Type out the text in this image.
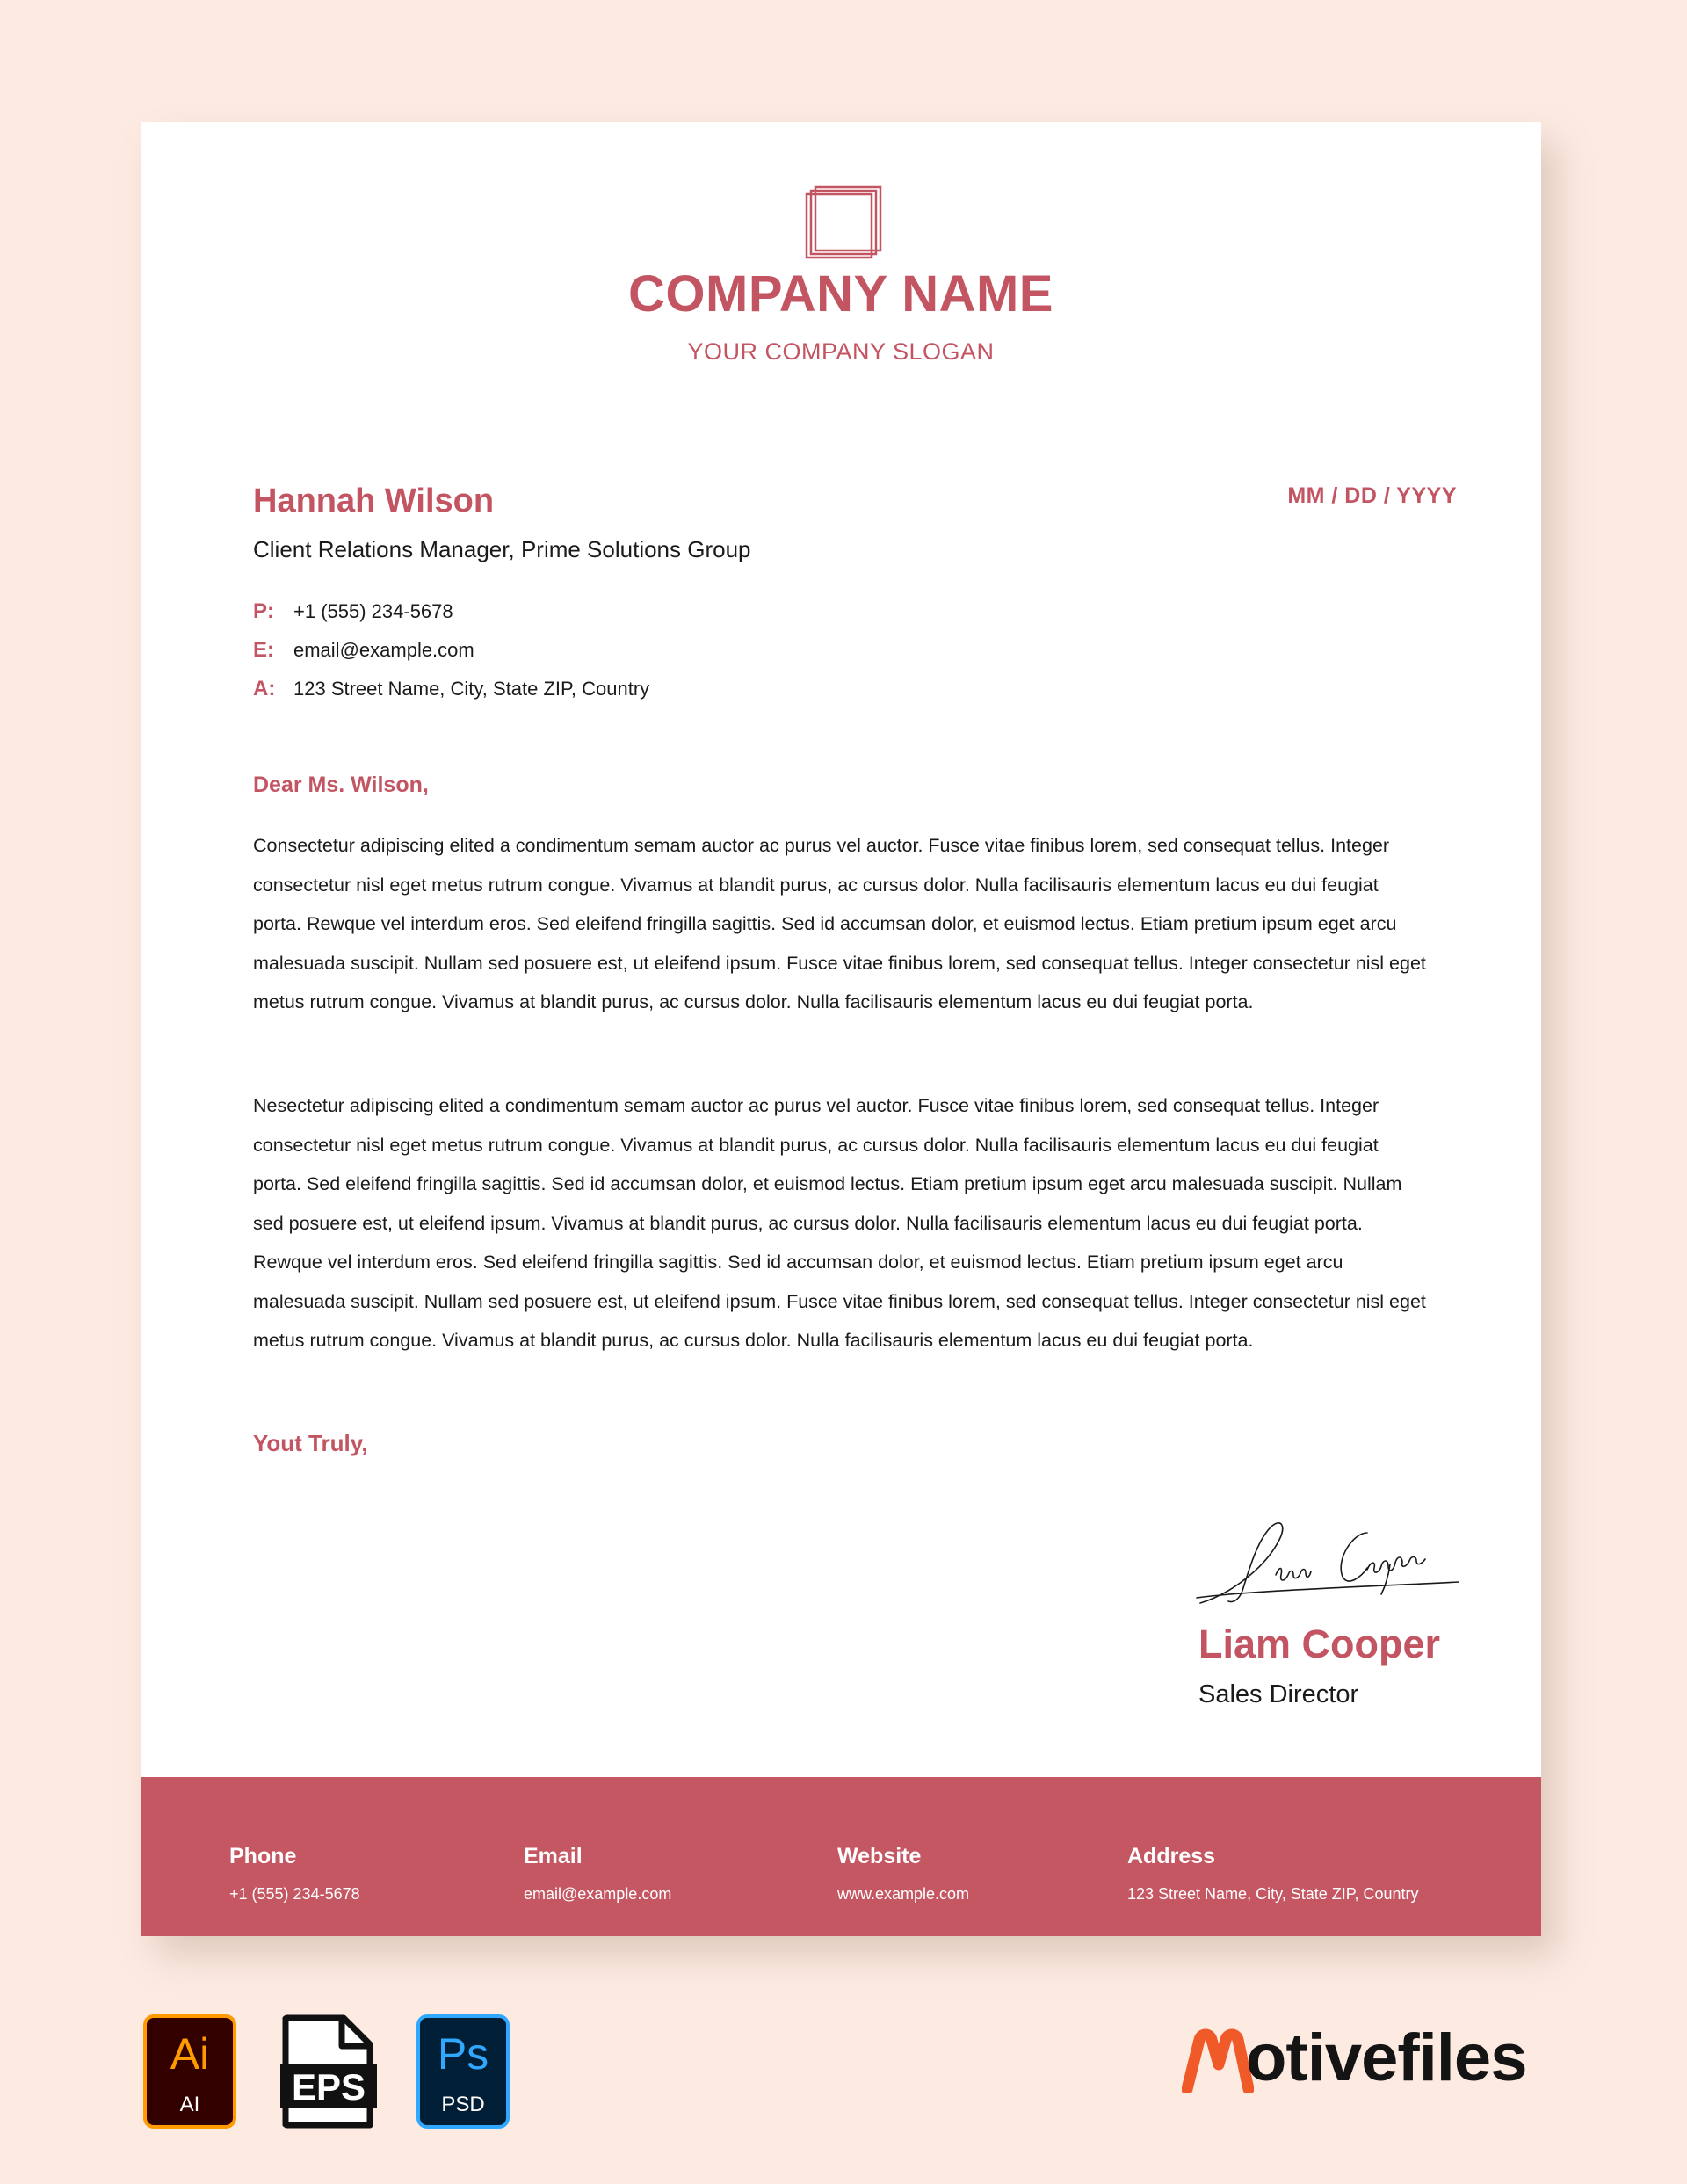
COMPANY NAME
YOUR COMPANY SLOGAN
Hannah Wilson
Client Relations Manager, Prime Solutions Group
MM / DD / YYYY
P: +1 (555) 234-5678
E: email@example.com
A: 123 Street Name, City, State ZIP, Country
Dear Ms. Wilson,

Consectetur adipiscing elited a condimentum semam auctor ac purus vel auctor. Fusce vitae finibus lorem, sed consequat tellus. Integer consectetur nisl eget metus rutrum congue. Vivamus at blandit purus, ac cursus dolor. Nulla facilisauris elementum lacus eu dui feugiat porta. Rewque vel interdum eros. Sed eleifend fringilla sagittis. Sed id accumsan dolor, et euismod lectus. Etiam pretium ipsum eget arcu malesuada suscipit. Nullam sed posuere est, ut eleifend ipsum. Fusce vitae finibus lorem, sed consequat tellus. Integer consectetur nisl eget metus rutrum congue. Vivamus at blandit purus, ac cursus dolor. Nulla facilisauris elementum lacus eu dui feugiat porta.

Nesectetur adipiscing elited a condimentum semam auctor ac purus vel auctor. Fusce vitae finibus lorem, sed consequat tellus. Integer consectetur nisl eget metus rutrum congue. Vivamus at blandit purus, ac cursus dolor. Nulla facilisauris elementum lacus eu dui feugiat porta. Sed eleifend fringilla sagittis. Sed id accumsan dolor, et euismod lectus. Etiam pretium ipsum eget arcu malesuada suscipit. Nullam sed posuere est, ut eleifend ipsum. Vivamus at blandit purus, ac cursus dolor. Nulla facilisauris elementum lacus eu dui feugiat porta. Rewque vel interdum eros. Sed eleifend fringilla sagittis. Sed id accumsan dolor, et euismod lectus. Etiam pretium ipsum eget arcu malesuada suscipit. Nullam sed posuere est, ut eleifend ipsum. Fusce vitae finibus lorem, sed consequat tellus. Integer consectetur nisl eget metus rutrum congue. Vivamus at blandit purus, ac cursus dolor. Nulla facilisauris elementum lacus eu dui feugiat porta.

Yout Truly,
Liam Cooper
Sales Director
Phone
+1 (555) 234-5678
Email
email@example.com
Website
www.example.com
Address
123 Street Name, City, State ZIP, Country
Ai
AI EPS
Ps
PSD
otivefiles
